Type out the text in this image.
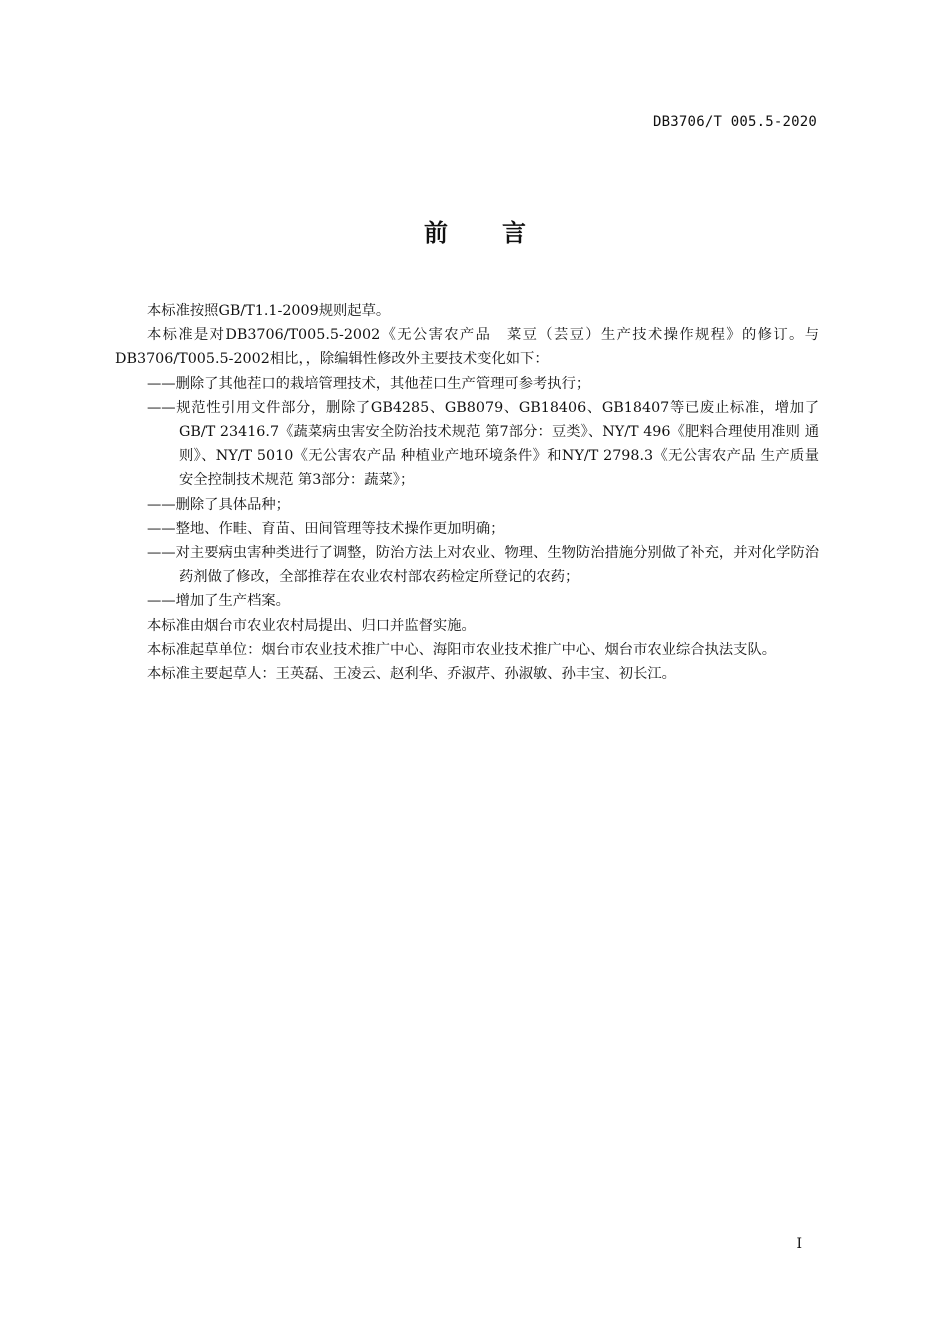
DB3706/T 005.5-2020
前 言

本标准按照GB/T1.1-2009规则起草。

本标准是对DB3706/T005.5-2002《无公害农产品　菜豆（芸豆）生产技术操作规程》的修订。与DB3706/T005.5-2002相比，，除编辑性修改外主要技术变化如下：

——删除了其他茬口的栽培管理技术，其他茬口生产管理可参考执行；

——规范性引用文件部分，删除了GB4285、GB8079、GB18406、GB18407等已废止标准，增加了GB/T 23416.7《蔬菜病虫害安全防治技术规范 第7部分：豆类》、NY/T 496《肥料合理使用准则 通则》、NY/T 5010《无公害农产品 种植业产地环境条件》和NY/T 2798.3《无公害农产品 生产质量安全控制技术规范 第3部分：蔬菜》；

——删除了具体品种；

——整地、作畦、育苗、田间管理等技术操作更加明确；

——对主要病虫害种类进行了调整，防治方法上对农业、物理、生物防治措施分别做了补充，并对化学防治药剂做了修改，全部推荐在农业农村部农药检定所登记的农药；

——增加了生产档案。

本标准由烟台市农业农村局提出、归口并监督实施。

本标准起草单位：烟台市农业技术推广中心、海阳市农业技术推广中心、烟台市农业综合执法支队。

本标准主要起草人：王英磊、王凌云、赵利华、乔淑芹、孙淑敏、孙丰宝、初长江。

I
